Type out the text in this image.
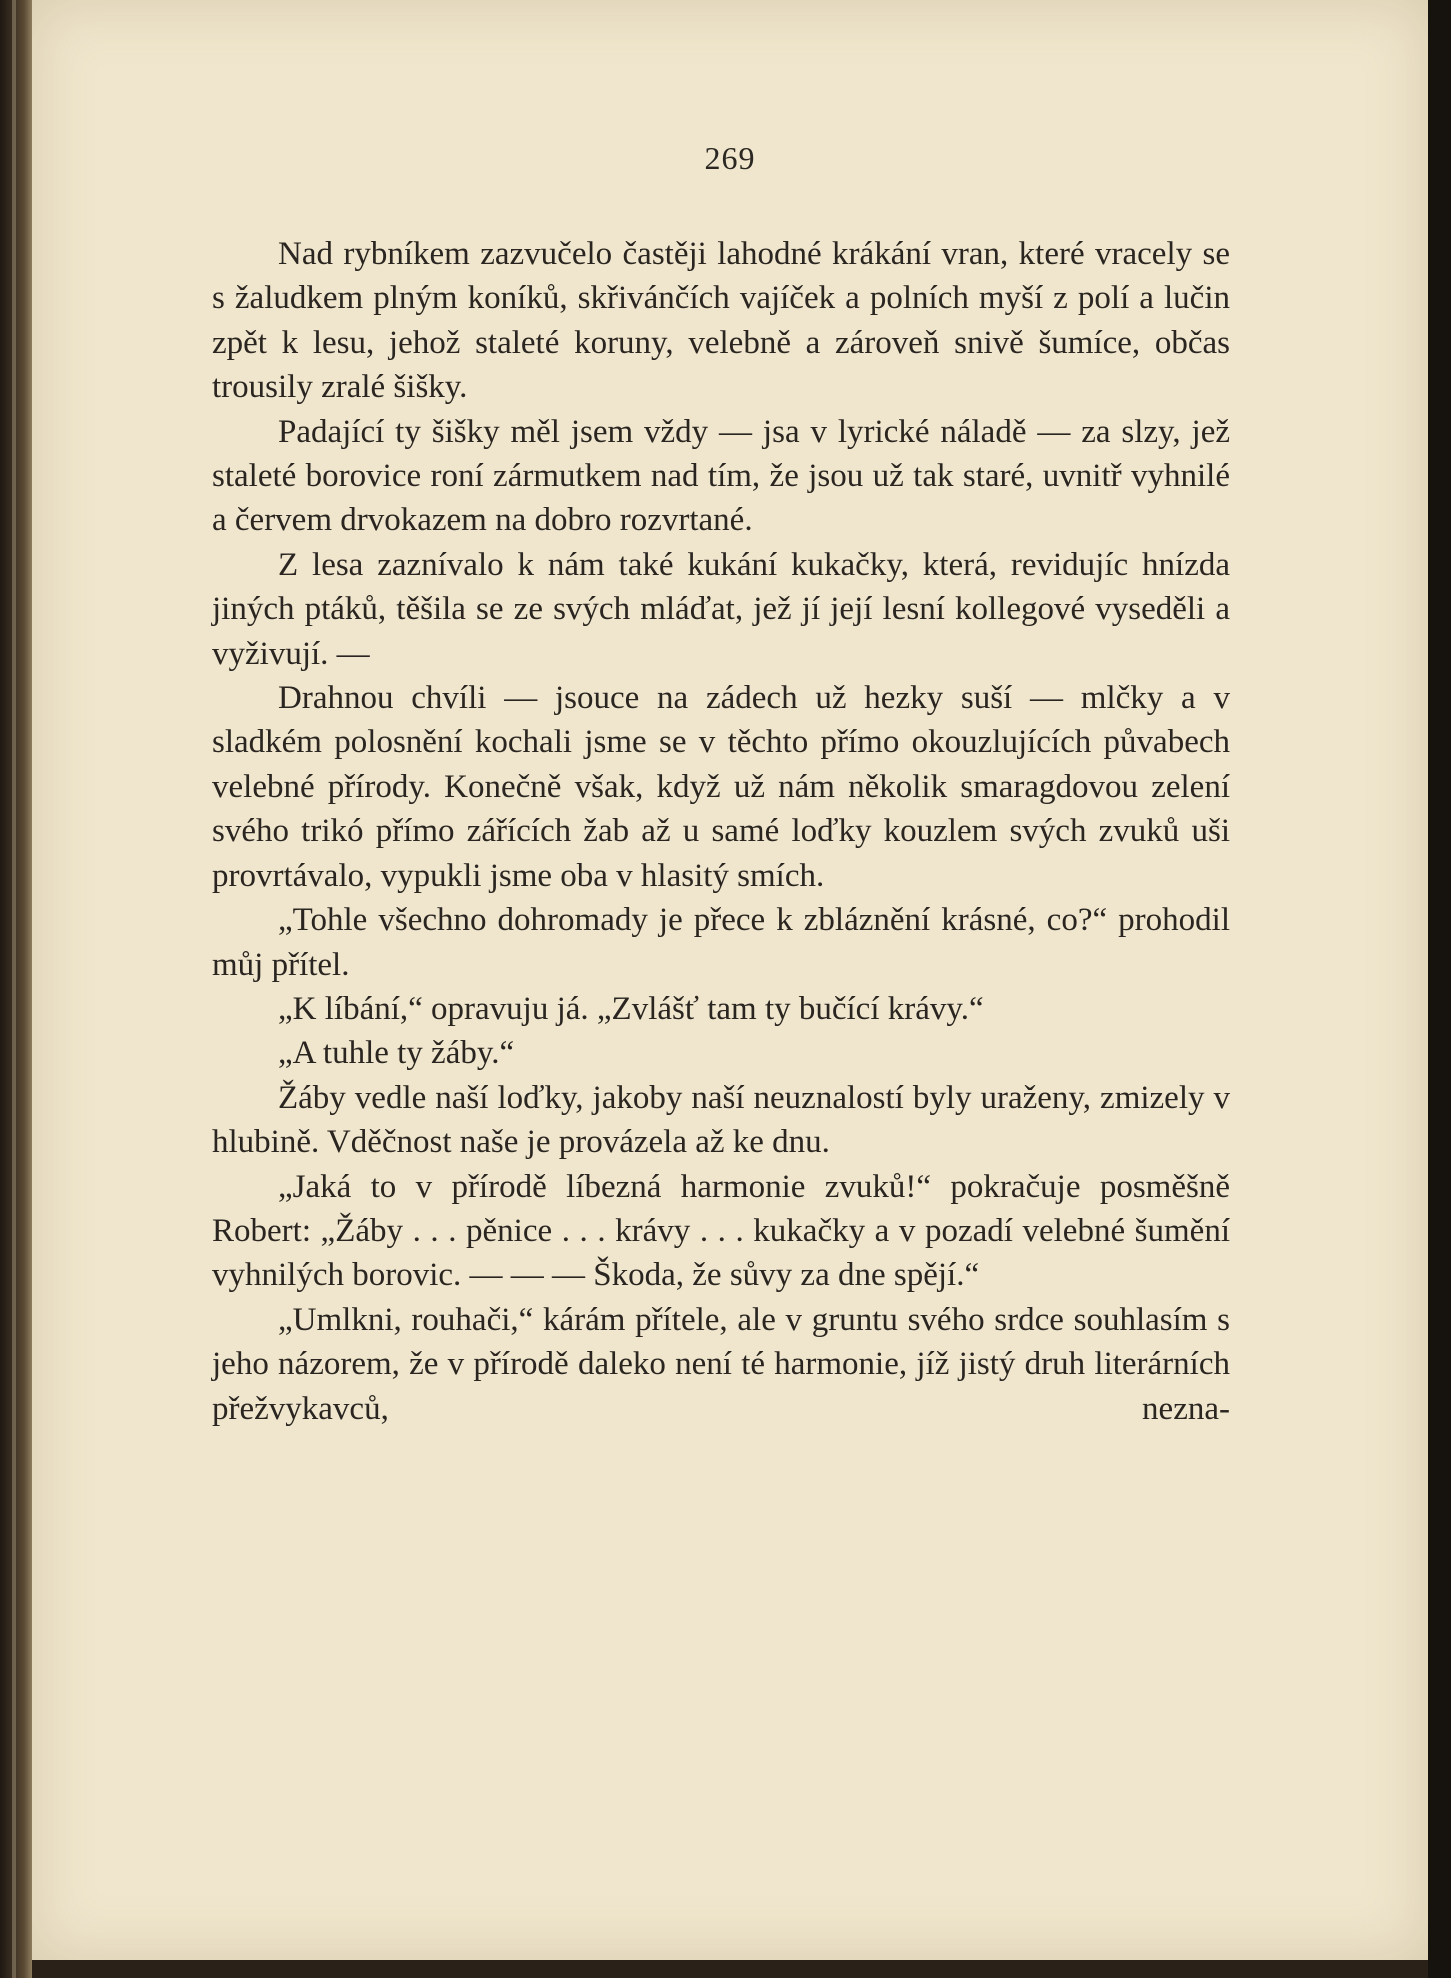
269

Nad rybníkem zazvučelo častěji lahodné krákání vran, které vracely se s žaludkem plným koníků, skřivánčích vajíček a polních myší z polí a lučin zpět k lesu, jehož staleté koruny, velebně a zároveň snivě šumíce, občas trousily zralé šišky.

Padající ty šišky měl jsem vždy — jsa v lyrické náladě — za slzy, jež staleté borovice roní zármutkem nad tím, že jsou už tak staré, uvnitř vyhnilé a červem drvokazem na dobro rozvrtané.

Z lesa zaznívalo k nám také kukání kukačky, která, revidujíc hnízda jiných ptáků, těšila se ze svých mláďat, jež jí její lesní kollegové vyseděli a vyživují. —

Drahnou chvíli — jsouce na zádech už hezky suší — mlčky a v sladkém polosnění kochali jsme se v těchto přímo okouzlujících půvabech velebné přírody. Konečně však, když už nám několik smaragdovou zelení svého trikó přímo zářících žab až u samé loďky kouzlem svých zvuků uši provrtávalo, vypukli jsme oba v hlasitý smích.

„Tohle všechno dohromady je přece k zbláznění krásné, co?“ prohodil můj přítel.

„K líbání,“ opravuju já. „Zvlášť tam ty bučící krávy.“

„A tuhle ty žáby.“

Žáby vedle naší loďky, jakoby naší neuznalostí byly uraženy, zmizely v hlubině. Vděčnost naše je provázela až ke dnu.

„Jaká to v přírodě líbezná harmonie zvuků!“ pokračuje posměšně Robert: „Žáby . . . pěnice . . . krávy . . . kukačky a v pozadí velebné šumění vyhnilých borovic. — — — Škoda, že sůvy za dne spějí.“

„Umlkni, rouhači,“ kárám přítele, ale v gruntu svého srdce souhlasím s jeho názorem, že v přírodě daleko není té harmonie, jíž jistý druh literárních přežvykavců, nezna-
